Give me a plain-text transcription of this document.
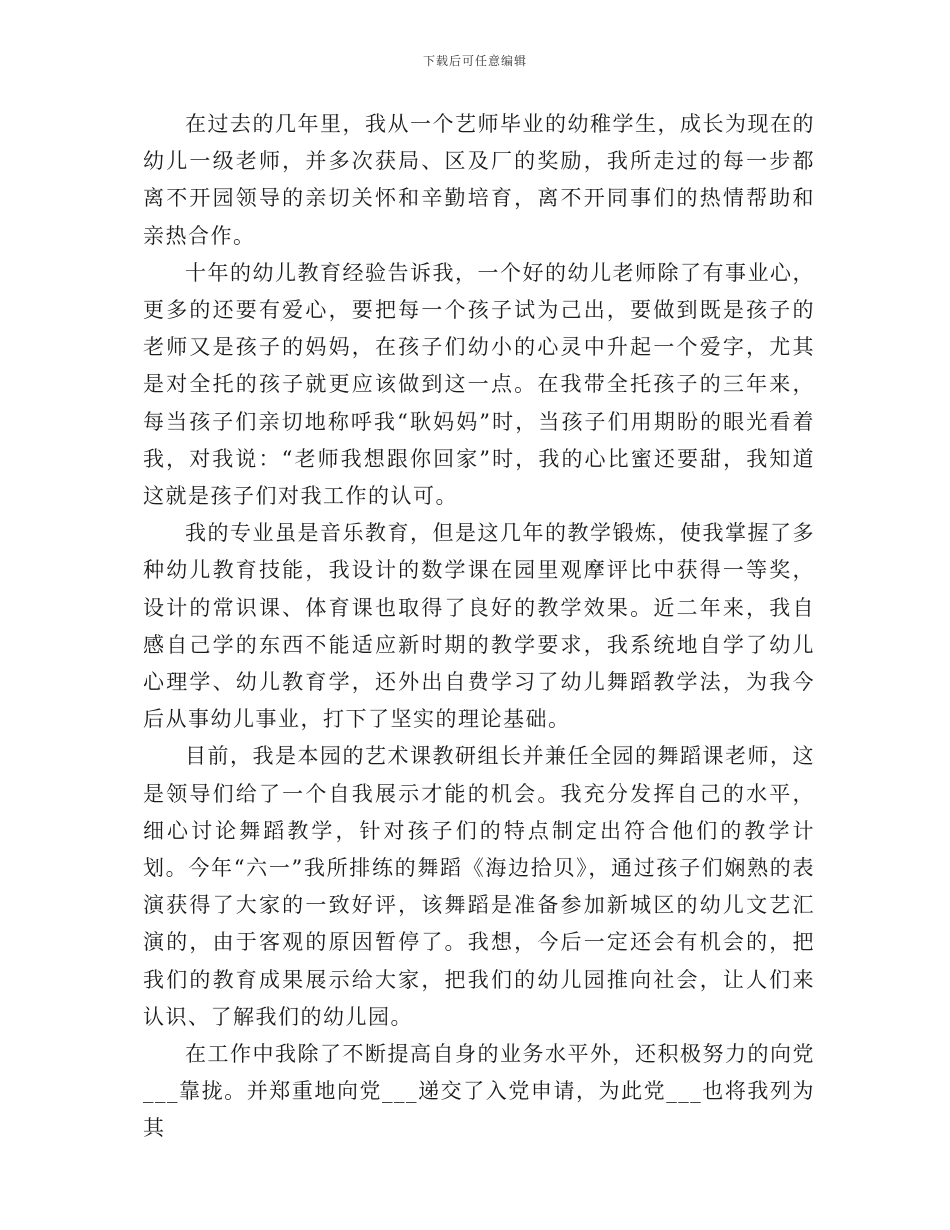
下载后可任意编辑

在过去的几年里，我从一个艺师毕业的幼稚学生，成长为现在的幼儿一级老师，并多次获局、区及厂的奖励，我所走过的每一步都离不开园领导的亲切关怀和辛勤培育，离不开同事们的热情帮助和亲热合作。

十年的幼儿教育经验告诉我，一个好的幼儿老师除了有事业心，更多的还要有爱心，要把每一个孩子试为己出，要做到既是孩子的老师又是孩子的妈妈，在孩子们幼小的心灵中升起一个爱字，尤其是对全托的孩子就更应该做到这一点。在我带全托孩子的三年来，每当孩子们亲切地称呼我“耿妈妈”时，当孩子们用期盼的眼光看着我，对我说：“老师我想跟你回家”时，我的心比蜜还要甜，我知道这就是孩子们对我工作的认可。

我的专业虽是音乐教育，但是这几年的教学锻炼，使我掌握了多种幼儿教育技能，我设计的数学课在园里观摩评比中获得一等奖，设计的常识课、体育课也取得了良好的教学效果。近二年来，我自感自己学的东西不能适应新时期的教学要求，我系统地自学了幼儿心理学、幼儿教育学，还外出自费学习了幼儿舞蹈教学法，为我今后从事幼儿事业，打下了坚实的理论基础。

目前，我是本园的艺术课教研组长并兼任全园的舞蹈课老师，这是领导们给了一个自我展示才能的机会。我充分发挥自己的水平，细心讨论舞蹈教学，针对孩子们的特点制定出符合他们的教学计划。今年“六一”我所排练的舞蹈《海边拾贝》，通过孩子们娴熟的表演获得了大家的一致好评，该舞蹈是准备参加新城区的幼儿文艺汇演的，由于客观的原因暂停了。我想，今后一定还会有机会的，把我们的教育成果展示给大家，把我们的幼儿园推向社会，让人们来认识、了解我们的幼儿园。

在工作中我除了不断提高自身的业务水平外，还积极努力的向党___靠拢。并郑重地向党___递交了入党申请，为此党___也将我列为其
